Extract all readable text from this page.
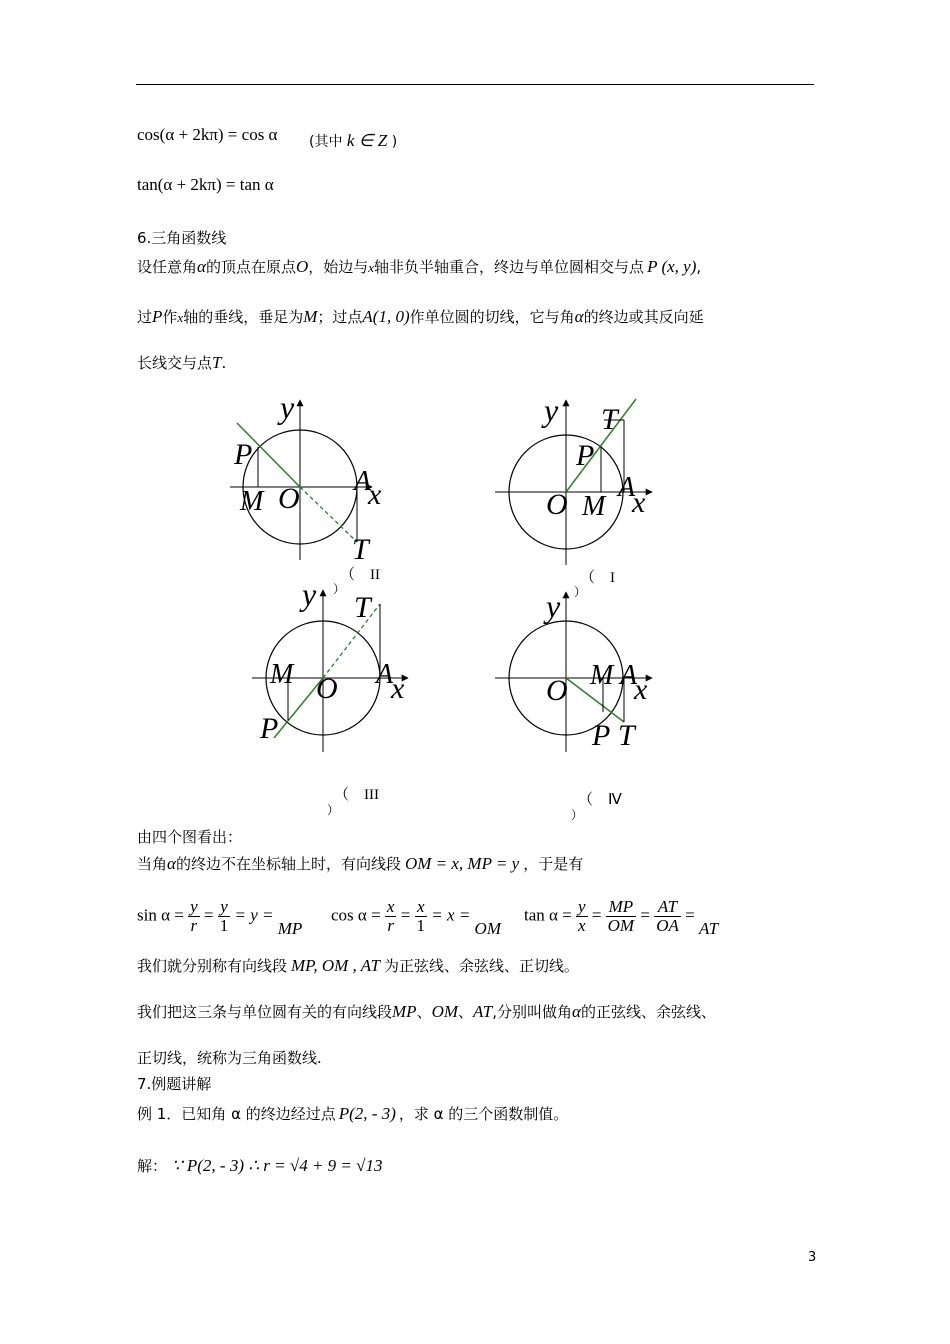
cos(α + 2kπ) = cos α (其中 k ∈ Z )
tan(α + 2kπ) = tan α
6.三角函数线
设任意角α的顶点在原点O，始边与x轴非负半轴重合，终边与单位圆相交与点 P (x, y),
过P作x轴的垂线，垂足为M；过点A(1, 0)作单位圆的切线，它与角α的终边或其反向延
长线交与点T.
y
P
M O
A
x
T
y T
P
O M
A
x
y T
M O A
x
P
y
O M A
x
P T
（　II
）
（　I
）
（　III
）
（　Ⅳ
）
由四个图看出：
当角α的终边不在坐标轴上时，有向线段 OM = x, MP = y ，于是有
$\sin \alpha = \frac{y}{r} = \frac{y}{1} = y$ = MP
$\cos \alpha = \frac{x}{r} = \frac{x}{1} = x$ = OM
$\tan \alpha = \frac{y}{x} = \frac{MP}{OM} = \frac{AT}{OA}$ = AT
我们就分别称有向线段 MP, OM , AT 为正弦线、余弦线、正切线。
我们把这三条与单位圆有关的有向线段MP、OM、AT,分别叫做角α的正弦线、余弦线、
正切线，统称为三角函数线.
7.例题讲解
例 1．已知角 α 的终边经过点 P(2, - 3) ，求 α 的三个函数制值。
解： ∵ P(2, - 3) ∴ r = √4 + 9 = √13
3
